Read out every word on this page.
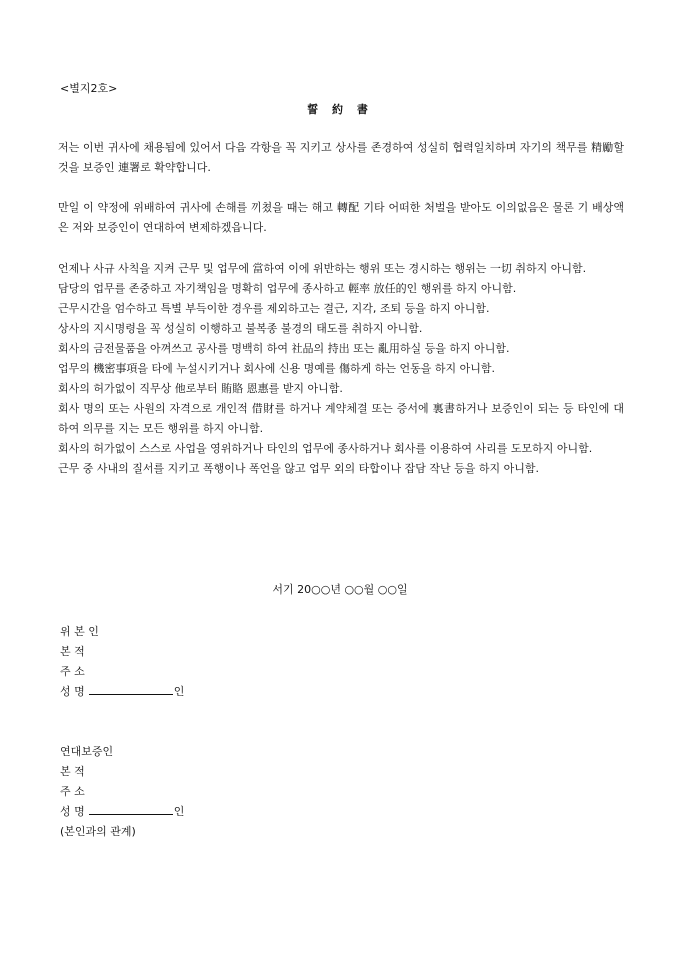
<별지2호>
誓 約 書

저는 이번 귀사에 채용됨에 있어서 다음 각항을 꼭 지키고 상사를 존경하여 성실히 협력일치하며 자기의 책무를 精勵할 것을 보증인 連署로 확약합니다.

만일 이 약정에 위배하여 귀사에 손해를 끼쳤을 때는 해고 轉配 기타 어떠한 처벌을 받아도 이의없음은 물론 기 배상액은 저와 보증인이 연대하여 변제하겠읍니다.

언제나 사규 사칙을 지켜 근무 및 업무에 當하여 이에 위반하는 행위 또는 경시하는 행위는 一切 취하지 아니함.
담당의 업무를 존중하고 자기책임을 명확히 업무에 종사하고 輕率 放任的인 행위를 하지 아니함.
근무시간을 엄수하고 특별 부득이한 경우를 제외하고는 결근, 지각, 조퇴 등을 하지 아니함.
상사의 지시명령을 꼭 성실히 이행하고 불복종 불경의 태도를 취하지 아니함.
회사의 금전물품을 아껴쓰고 공사를 명백히 하여 社品의 持出 또는 亂用하실 등을 하지 아니함.
업무의 機密事項을 타에 누설시키거나 회사에 신용 명예를 傷하게 하는 언동을 하지 아니함.
회사의 허가없이 직무상 他로부터 賄賂 恩惠를 받지 아니함.
회사 명의 또는 사원의 자격으로 개인적 借財를 하거나 계약체결 또는 증서에 裏書하거나 보증인이 되는 등 타인에 대하여 의무를 지는 모든 행위를 하지 아니함.
회사의 허가없이 스스로 사업을 영위하거나 타인의 업무에 종사하거나 회사를 이용하여 사리를 도모하지 아니함.
근무 중 사내의 질서를 지키고 폭행이나 폭언을 않고 업무 외의 타합이나 잡담 작난 등을 하지 아니함.
서기 20○○년 ○○월 ○○일
위 본 인
본 적
주 소
성 명	인
연대보증인
본 적
주 소
성 명	인
(본인과의 관계)
